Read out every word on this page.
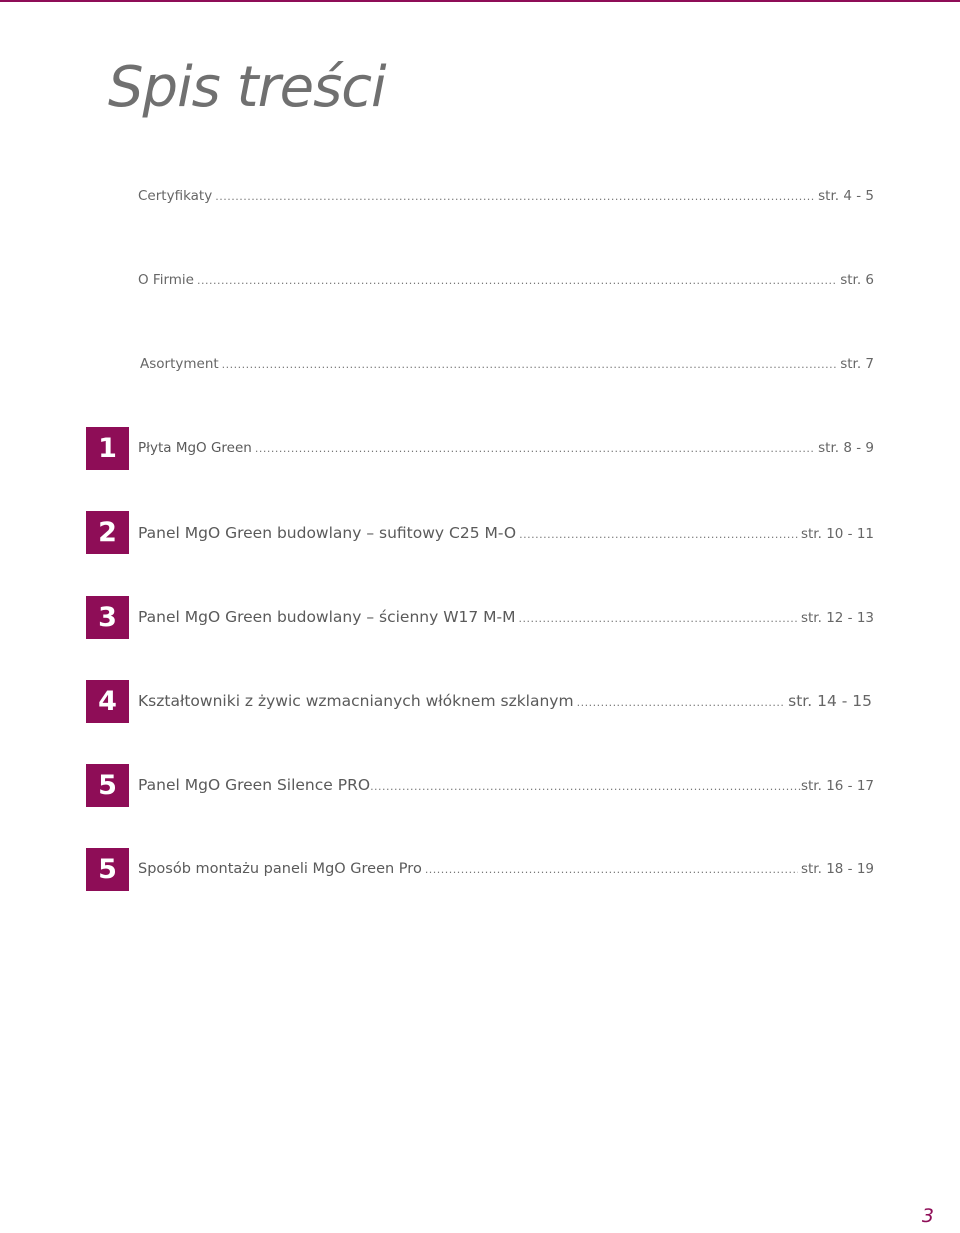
Spis treści
Certyfikaty .....	str. 4 - 5
O Firmie .....	str. 6
Asortyment .....	str. 7
1	Płyta MgO Green .....	str. 8 - 9
2	Panel MgO Green budowlany – sufitowy C25 M-O .....	str. 10 - 11
3	Panel MgO Green budowlany – ścienny W17 M-M .....	str. 12 - 13
4	Kształtowniki z żywic wzmacnianych włóknem szklanym .....	str. 14 - 15
5	Panel MgO Green Silence PRO .....	str. 16 - 17
5	Sposób montażu paneli MgO Green Pro .....	str. 18 - 19
3
